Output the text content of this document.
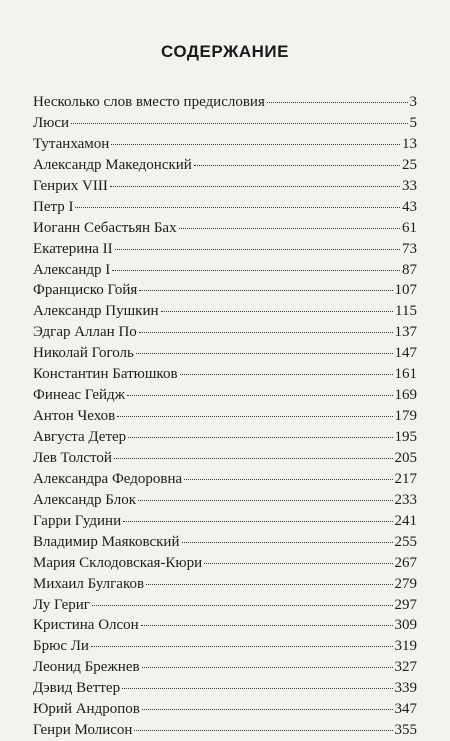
СОДЕРЖАНИЕ
Несколько слов вместо предисловия	3
Люси	5
Тутанхамон	13
Александр Македонский	25
Генрих VIII	33
Петр I	43
Иоганн Себастьян Бах	61
Екатерина II	73
Александр I	87
Франциско Гойя	107
Александр Пушкин	115
Эдгар Аллан По	137
Николай Гоголь	147
Константин Батюшков	161
Финеас Гейдж	169
Антон Чехов	179
Августа Детер	195
Лев Толстой	205
Александра Федоровна	217
Александр Блок	233
Гарри Гудини	241
Владимир Маяковский	255
Мария Склодовская-Кюри	267
Михаил Булгаков	279
Лу Гериг	297
Кристина Олсон	309
Брюс Ли	319
Леонид Брежнев	327
Дэвид Веттер	339
Юрий Андропов	347
Генри Молисон	355
